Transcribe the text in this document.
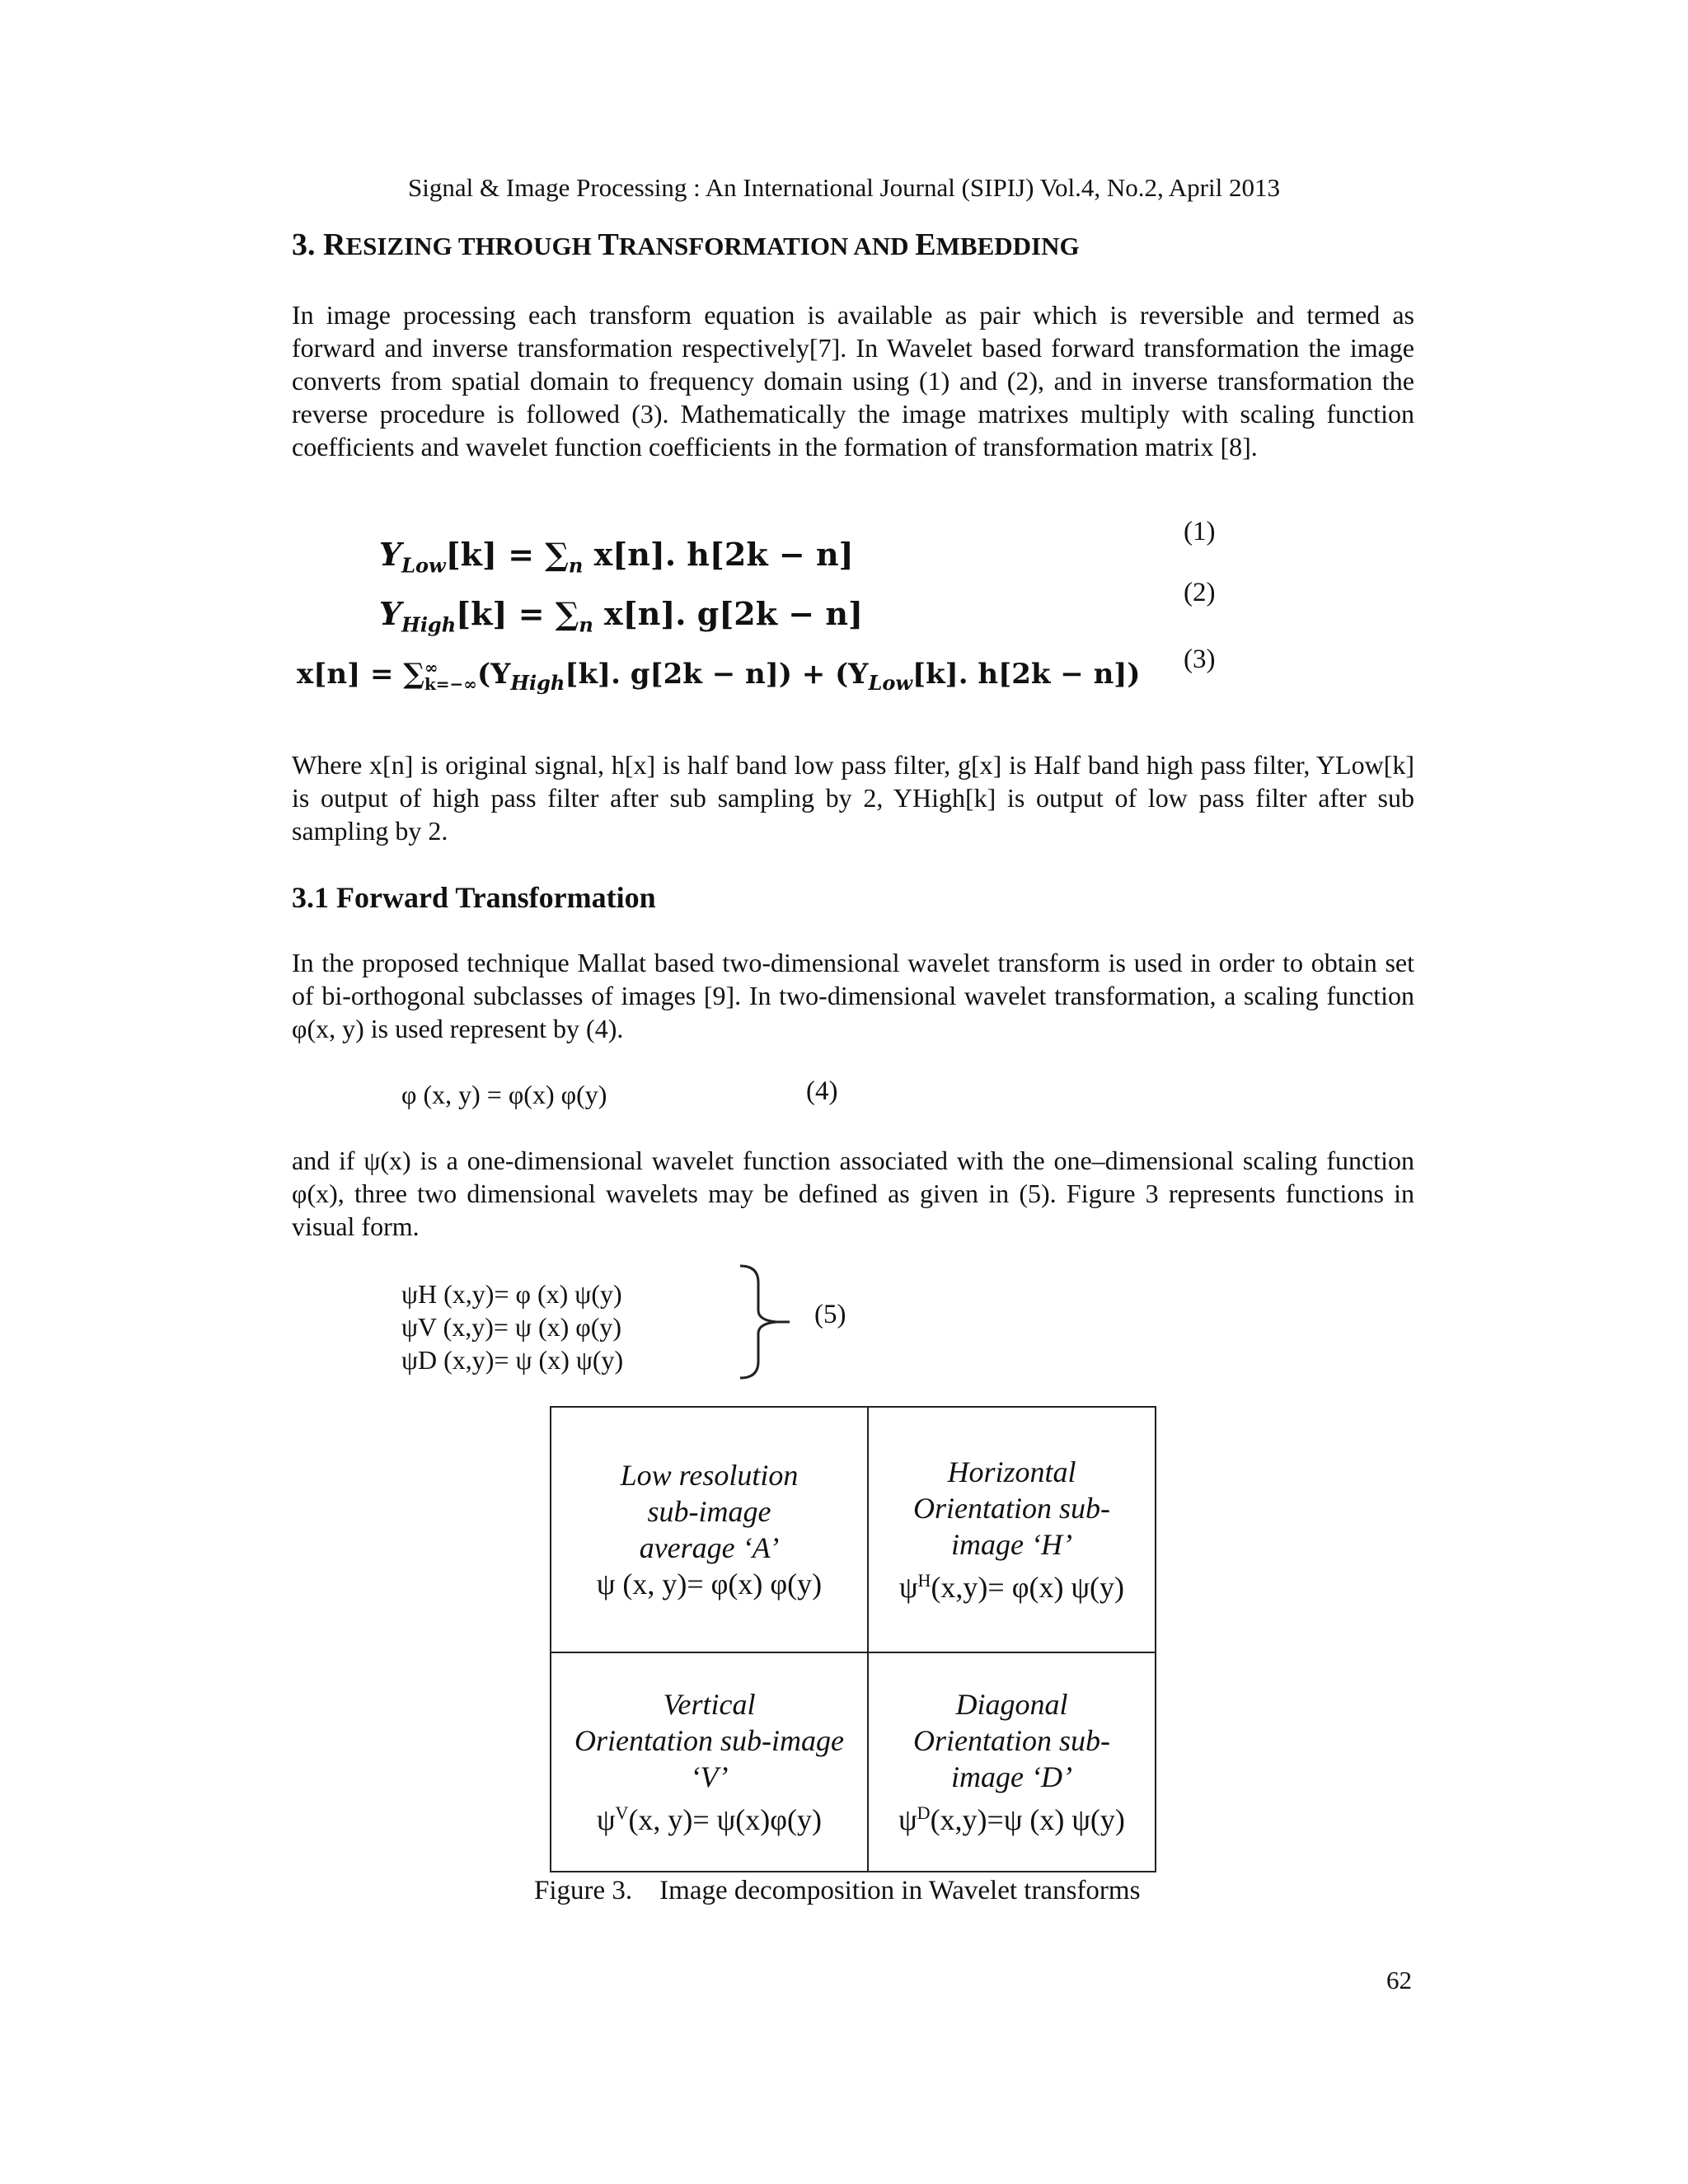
Signal & Image Processing : An International Journal (SIPIJ) Vol.4, No.2, April 2013
3. RESIZING THROUGH TRANSFORMATION AND EMBEDDING

In image processing each transform equation is available as pair which is reversible and termed as forward and inverse transformation respectively[7]. In Wavelet based forward transformation the image converts from spatial domain to frequency domain using (1) and (2), and in inverse transformation the reverse procedure is followed (3). Mathematically the image matrixes multiply with scaling function coefficients and wavelet function coefficients in the formation of transformation matrix [8].

$Y_{Low}[k] = \sum_n$ x[n]. h[2k − n]
(1)
$Y_{High}[k] = \sum_n$ x[n]. g[2k − n]
(2)
x[n] = ∑ ∞
k=−∞ ($Y_{High}[k]$. $g[2k - n]) + (Y_{Low}[k]$. h[2k − n]) (3)

Where x[n] is original signal, h[x] is half band low pass filter, g[x] is Half band high pass filter, YLow[k] is output of high pass filter after sub sampling by 2, YHigh[k] is output of low pass filter after sub sampling by 2.

3.1 Forward Transformation

In the proposed technique Mallat based two-dimensional wavelet transform is used in order to obtain set of bi-orthogonal subclasses of images [9]. In two-dimensional wavelet transformation, a scaling function φ(x, y) is used represent by (4).

φ (x, y) = φ(x) φ(y)	(4)

and if ψ(x) is a one-dimensional wavelet function associated with the one–dimensional scaling function φ(x), three two dimensional wavelets may be defined as given in (5). Figure 3 represents functions in visual form.

ψH (x,y)= φ (x) ψ(y)
ψV (x,y)= ψ (x) φ(y)
ψD (x,y)= ψ (x) ψ(y)
(5)
Low resolution
sub-image
average ‘A’
ψ (x, y)= φ(x) φ(y)
Horizontal
Orientation sub-
image ‘H’
$\psi^H(x,y)= \varphi(x)$ ψ(y)
Vertical
Orientation sub-image
‘V’
$\psi^V(x$, y)= ψ(x)φ(y)
Diagonal
Orientation sub-
image ‘D’
$\psi^D(x,y)=\psi$ (x) ψ(y)
Figure 3.    Image decomposition in Wavelet transforms
62
